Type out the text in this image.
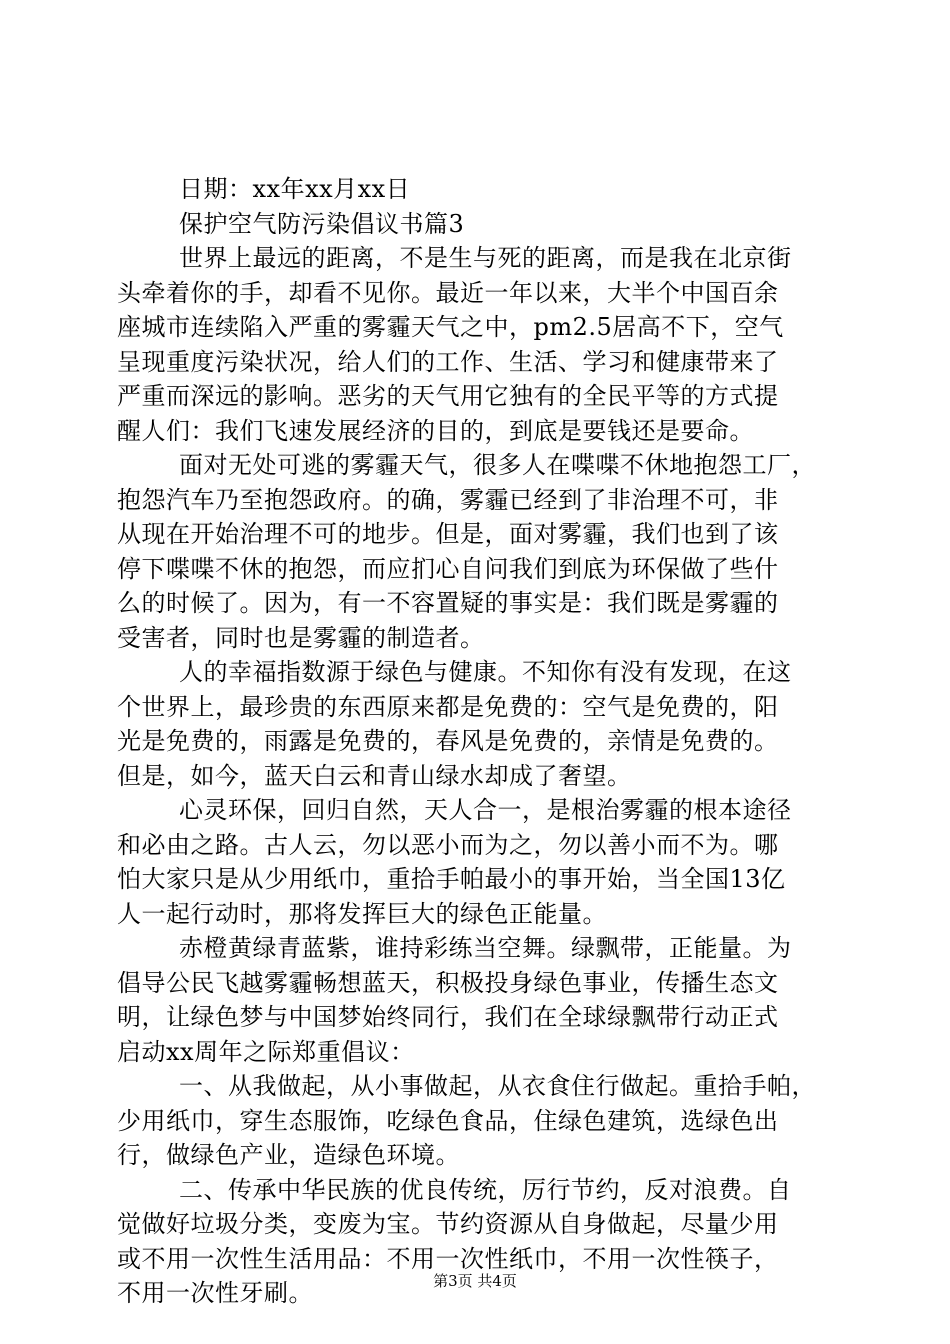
日期：xx年xx月xx日
保护空气防污染倡议书篇3
世界上最远的距离，不是生与死的距离，而是我在北京街
头牵着你的手，却看不见你。最近一年以来，大半个中国百余
座城市连续陷入严重的雾霾天气之中，pm2.5居高不下，空气
呈现重度污染状况，给人们的工作、生活、学习和健康带来了
严重而深远的影响。恶劣的天气用它独有的全民平等的方式提
醒人们：我们飞速发展经济的目的，到底是要钱还是要命。
面对无处可逃的雾霾天气，很多人在喋喋不休地抱怨工厂，
抱怨汽车乃至抱怨政府。的确，雾霾已经到了非治理不可，非
从现在开始治理不可的地步。但是，面对雾霾，我们也到了该
停下喋喋不休的抱怨，而应扪心自问我们到底为环保做了些什
么的时候了。因为，有一不容置疑的事实是：我们既是雾霾的
受害者，同时也是雾霾的制造者。
人的幸福指数源于绿色与健康。不知你有没有发现，在这
个世界上，最珍贵的东西原来都是免费的：空气是免费的，阳
光是免费的，雨露是免费的，春风是免费的，亲情是免费的。
但是，如今，蓝天白云和青山绿水却成了奢望。
心灵环保，回归自然，天人合一，是根治雾霾的根本途径
和必由之路。古人云，勿以恶小而为之，勿以善小而不为。哪
怕大家只是从少用纸巾，重拾手帕最小的事开始，当全国13亿
人一起行动时，那将发挥巨大的绿色正能量。
赤橙黄绿青蓝紫，谁持彩练当空舞。绿飘带，正能量。为
倡导公民飞越雾霾畅想蓝天，积极投身绿色事业，传播生态文
明，让绿色梦与中国梦始终同行，我们在全球绿飘带行动正式
启动xx周年之际郑重倡议：
一、从我做起，从小事做起，从衣食住行做起。重拾手帕，
少用纸巾，穿生态服饰，吃绿色食品，住绿色建筑，选绿色出
行，做绿色产业，造绿色环境。
二、传承中华民族的优良传统，厉行节约，反对浪费。自
觉做好垃圾分类，变废为宝。节约资源从自身做起，尽量少用
或不用一次性生活用品：不用一次性纸巾，不用一次性筷子，
不用一次性牙刷。	第3页 共4页
